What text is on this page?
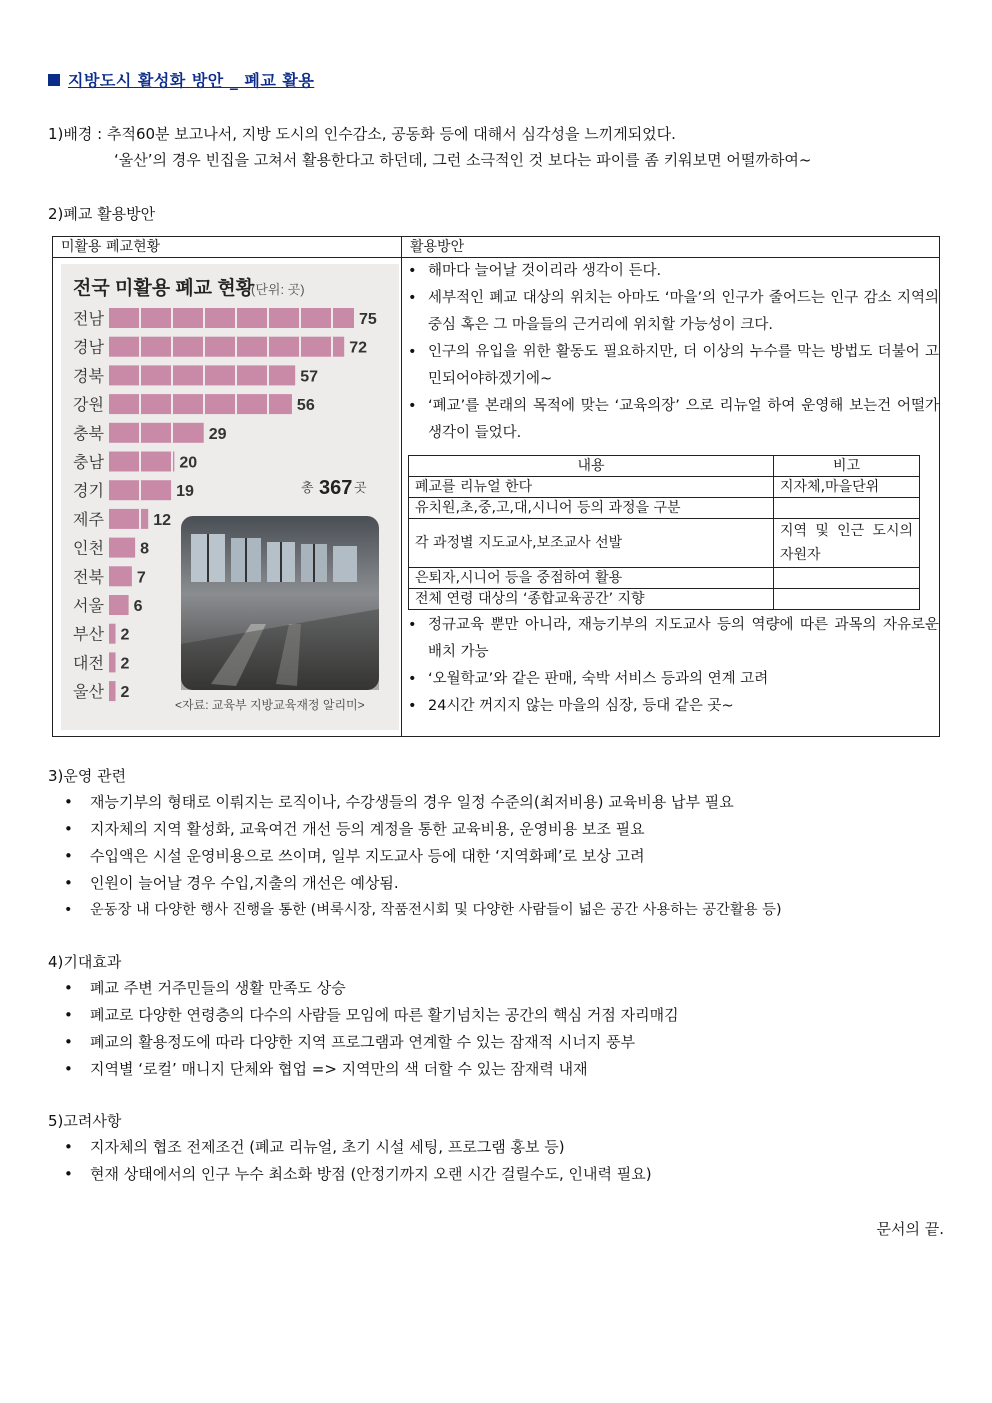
지방도시 활성화 방안 _ 폐교 활용
1)배경 : 추적60분 보고나서, 지방 도시의 인수감소, 공동화 등에 대해서 심각성을 느끼게되었다.
‘울산’의 경우 빈집을 고쳐서 활용한다고 하던데, 그런 소극적인 것 보다는 파이를 좀 키워보면 어떨까하여~
2)폐교 활용방안
미활용 폐교현황	활용방안

전국 미활용 폐교 현황
(단위: 곳)
전남	75
경남	72
경북	57
강원	56
충북	29
충남	20
경기	19
제주	12
인천 8
전북 7
서울 6
부산 2
대전 2
울산 2
총 367 곳
<자료: 교육부 지방교육재정 알리미>

• 해마다 늘어날 것이리라 생각이 든다.
• 세부적인 폐교 대상의 위치는 아마도 ‘마을’의 인구가 줄어드는 인구 감소 지역의 중심 혹은 그 마을들의 근거리에 위치할 가능성이 크다.
• 인구의 유입을 위한 활동도 필요하지만, 더 이상의 누수를 막는 방법도 더불어 고민되어야하겠기에~
• ‘폐교’를 본래의 목적에 맞는 ‘교육의장’ 으로 리뉴얼 하여 운영해 보는건 어떨가 생각이 들었다.
내용	비고
폐교를 리뉴얼 한다	지자체,마을단위
유치원,초,중,고,대,시니어 등의 과정을 구분	
각 과정별 지도교사,보조교사 선발	지역 및 인근 도시의 자원자
은퇴자,시니어 등을 중점하여 활용	
전체 연령 대상의 ‘종합교육공간’ 지향	
• 정규교육 뿐만 아니라, 재능기부의 지도교사 등의 역량에 따른 과목의 자유로운 배치 가능
• ‘오월학교’와 같은 판매, 숙박 서비스 등과의 연계 고려
• 24시간 꺼지지 않는 마을의 심장, 등대 같은 곳~
3)운영 관련
• 재능기부의 형태로 이뤄지는 로직이나, 수강생들의 경우 일정 수준의(최저비용) 교육비용 납부 필요
• 지자체의 지역 활성화, 교육여건 개선 등의 계정을 통한 교육비용, 운영비용 보조 필요
• 수입액은 시설 운영비용으로 쓰이며, 일부 지도교사 등에 대한 ‘지역화폐’로 보상 고려
• 인원이 늘어날 경우 수입,지출의 개선은 예상됨.
• 운동장 내 다양한 행사 진행을 통한 (벼룩시장, 작품전시회 및 다양한 사람들이 넓은 공간 사용하는 공간활용 등)
4)기대효과
• 폐교 주변 거주민들의 생활 만족도 상승
• 폐교로 다양한 연령층의 다수의 사람들 모임에 따른 활기넘치는 공간의 핵심 거점 자리매김
• 폐교의 활용정도에 따라 다양한 지역 프로그램과 연계할 수 있는 잠재적 시너지 풍부
• 지역별 ‘로컬’ 매니지 단체와 협업 => 지역만의 색 더할 수 있는 잠재력 내재
5)고려사항
• 지자체의 협조 전제조건 (폐교 리뉴얼, 초기 시설 세팅, 프로그램 홍보 등)
• 현재 상태에서의 인구 누수 최소화 방점 (안정기까지 오랜 시간 걸릴수도, 인내력 필요)
문서의 끝.
